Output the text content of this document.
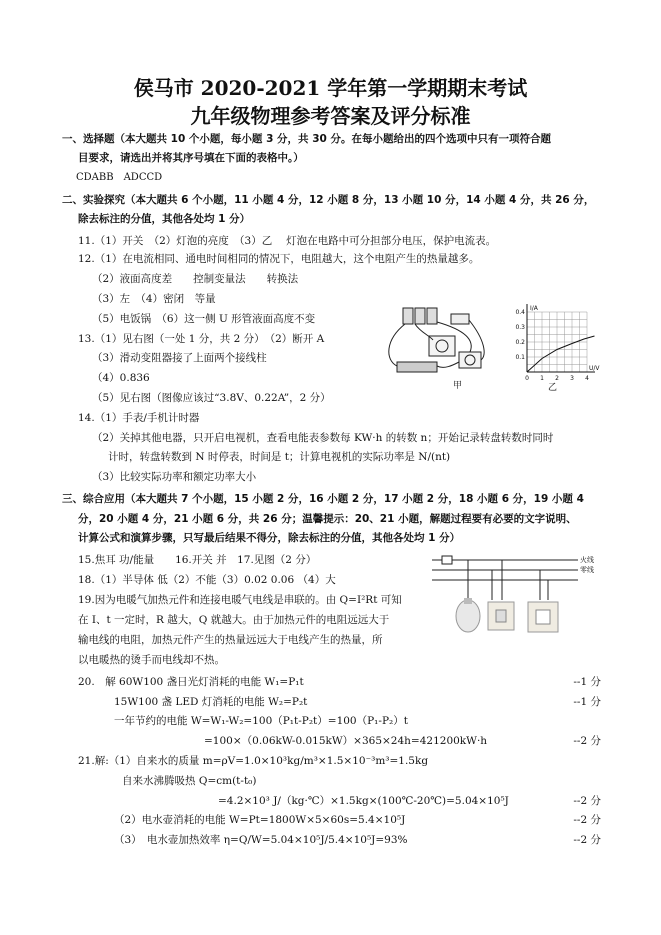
侯马市 2020-2021 学年第一学期期末考试
九年级物理参考答案及评分标准
一、选择题（本大题共 10 个小题，每小题 3 分，共 30 分。在每小题给出的四个选项中只有一项符合题
目要求，请选出并将其序号填在下面的表格中。）
CDABB　ADCCD
二、实验探究（本大题共 6 个小题，11 小题 4 分，12 小题 8 分，13 小题 10 分，14 小题 4 分，共 26 分，
除去标注的分值，其他各处均 1 分）
11.（1）开关　（2）灯泡的亮度　（3）乙　 灯泡在电路中可分担部分电压，保护电流表。
12.（1）在电流相同、通电时间相同的情况下，电阻越大，这个电阻产生的热量越多。
（2）液面高度差　　控制变量法　　转换法
（3）左　（4）密闭　等量
（5）电饭锅　（6）这一侧 U 形管液面高度不变
13.（1）见右图（一处 1 分，共 2 分）　（2）断开 A
（3）滑动变阻器接了上面两个接线柱
（4）0.836
（5）见右图（图像应该过“3.8V、0.22A”，2 分）
14.（1）手表/手机计时器
（2）关掉其他电器，只开启电视机，查看电能表参数每 KW·h 的转数 n；开始记录转盘转数时同时
计时，转盘转数到 N 时停表，时间是 t；计算电视机的实际功率是 N/(nt)
（3）比较实际功率和额定功率大小
甲
0.4
0.3
0.2
0.1
0 1 2 3 4
I/A
U/V
乙
三、综合应用（本大题共 7 个小题，15 小题 2 分，16 小题 2 分，17 小题 2 分，18 小题 6 分，19 小题 4
分，20 小题 4 分，21 小题 6 分，共 26 分；温馨提示：20、21 小题，解题过程要有必要的文字说明、
计算公式和演算步骤，只写最后结果不得分，除去标注的分值，其他各处均 1 分）
15.焦耳 功/能量　　16.开关 并　17.见图（2 分）
18.（1）半导体 低（2）不能（3）0.02 0.06 （4）大
19.因为电暖气加热元件和连接电暖气电线是串联的。由 Q=I²Rt 可知
在 I、t 一定时，R 越大，Q 就越大。由于加热元件的电阻远远大于
输电线的电阻，加热元件产生的热量远远大于电线产生的热量，所
以电暖热的烫手而电线却不热。
火线
零线
20.　解 60W100 盏日光灯消耗的电能 W₁=P₁t	--1 分
15W100 盏 LED 灯消耗的电能 W₂=P₂t	--1 分
一年节约的电能 W=W₁-W₂=100（P₁t-P₂t）=100（P₁-P₂）t
=100×（0.06kW-0.015kW）×365×24h=421200kW·h	--2 分
21.解:（1）自来水的质量 m=ρV=1.0×10³kg/m³×1.5×10⁻³m³=1.5kg
自来水沸腾吸热 Q=cm(t-t₀)
=4.2×10³ J/（kg·℃）×1.5kg×(100℃-20℃)=5.04×10⁵J	--2 分
（2）电水壶消耗的电能 W=Pt=1800W×5×60s=5.4×10⁵J	--2 分
（3）　电水壶加热效率 η=Q/W=5.04×10⁵J/5.4×10⁵J=93%	--2 分
